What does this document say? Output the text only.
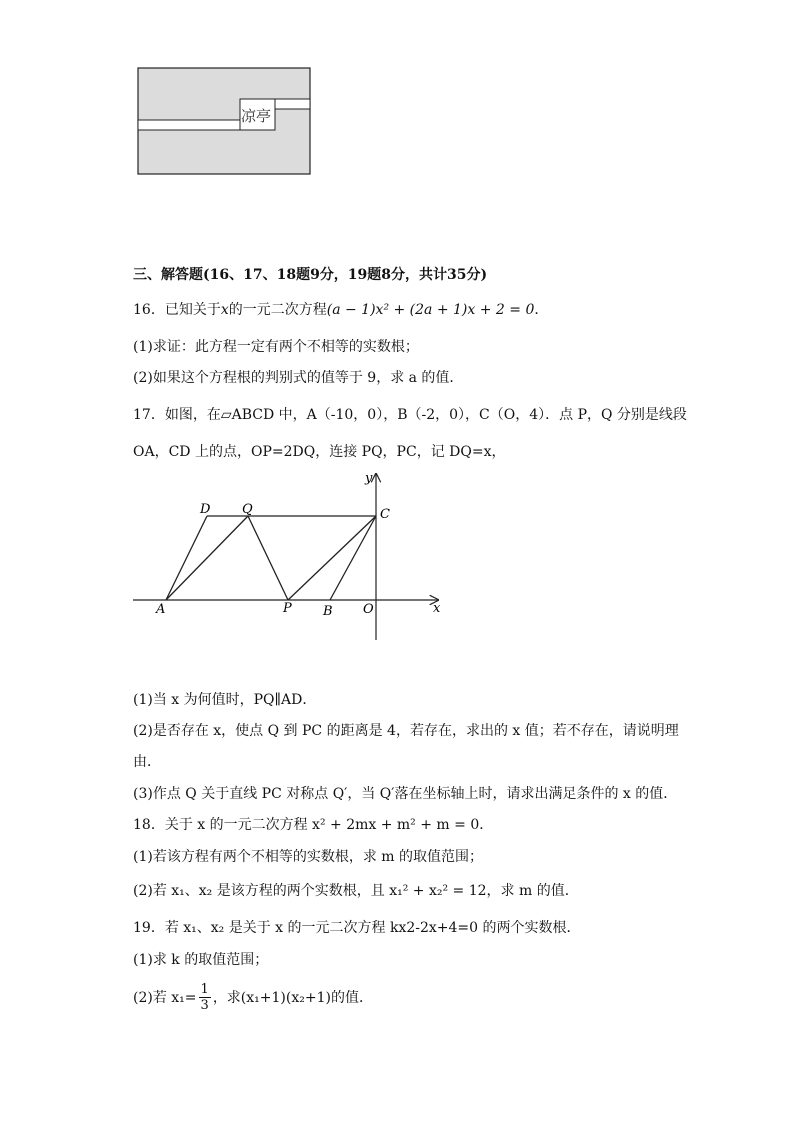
凉亭
三、解答题(16、17、18题9分，19题8分，共计35分)
16．已知关于x的一元二次方程(a − 1)x² + (2a + 1)x + 2 = 0．
(1)求证：此方程一定有两个不相等的实数根；
(2)如果这个方程根的判别式的值等于 9，求 a 的值．
17．如图，在▱ABCD 中，A（-10，0），B（-2，0），C（O，4）．点 P，Q 分别是线段
OA，CD 上的点，OP=2DQ，连接 PQ，PC，记 DQ=x，
D Q	C
A	P B O	x
y
(1)当 x 为何值时，PQ∥AD．
(2)是否存在 x，使点 Q 到 PC 的距离是 4，若存在，求出的 x 值；若不存在，请说明理
由．
(3)作点 Q 关于直线 PC 对称点 Q′，当 Q′落在坐标轴上时，请求出满足条件的 x 的值．
18．关于 x 的一元二次方程 x² + 2mx + m² + m = 0．
(1)若该方程有两个不相等的实数根，求 m 的取值范围；
(2)若 x₁、x₂ 是该方程的两个实数根，且 x₁² + x₂² = 12，求 m 的值．
19．若 x₁、x₂ 是关于 x 的一元二次方程 kx2-2x+4=0 的两个实数根．
(1)求 k 的取值范围；
(2)若 $x_1= \frac{1}{3}$ ，求(x₁+1)(x₂+1)的值．
